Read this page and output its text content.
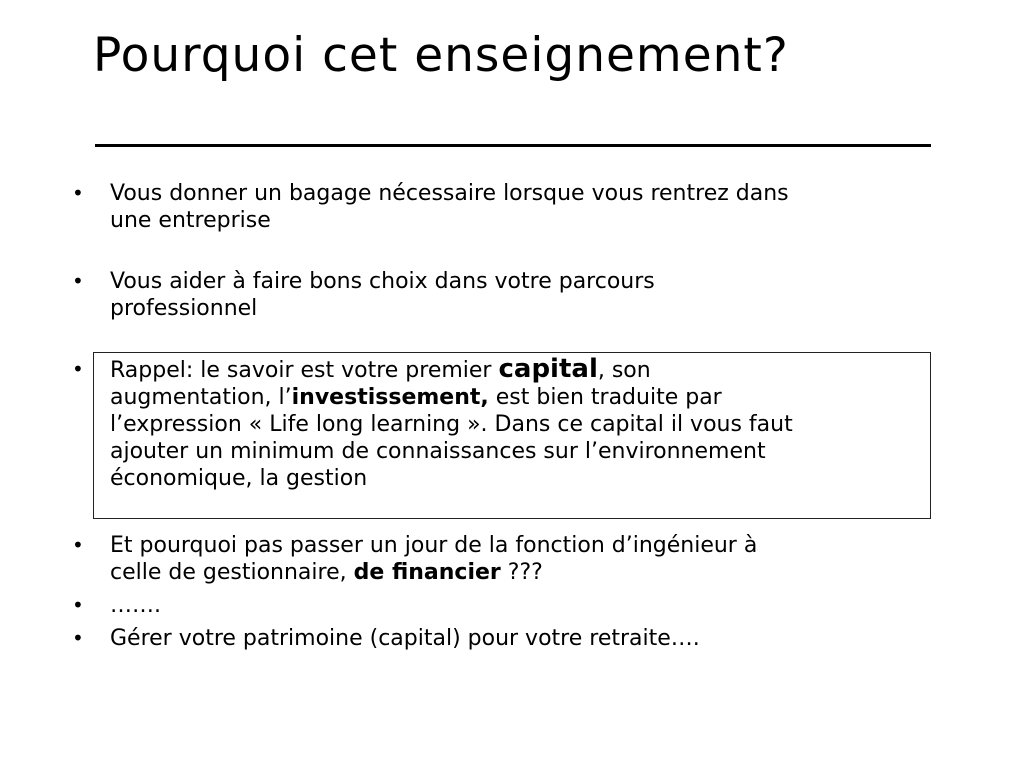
Pourquoi cet enseignement?
• Vous donner un bagage nécessaire lorsque vous rentrez dans
une entreprise
• Vous aider à faire bons choix dans votre parcours
professionnel
• Rappel: le savoir est votre premier capital, son
augmentation, l’investissement, est bien traduite par
l’expression « Life long learning ». Dans ce capital il vous faut
ajouter un minimum de connaissances sur l’environnement
économique, la gestion
• Et pourquoi pas passer un jour de la fonction d’ingénieur à
celle de gestionnaire, de financier ???
• …….
• Gérer votre patrimoine (capital) pour votre retraite….
